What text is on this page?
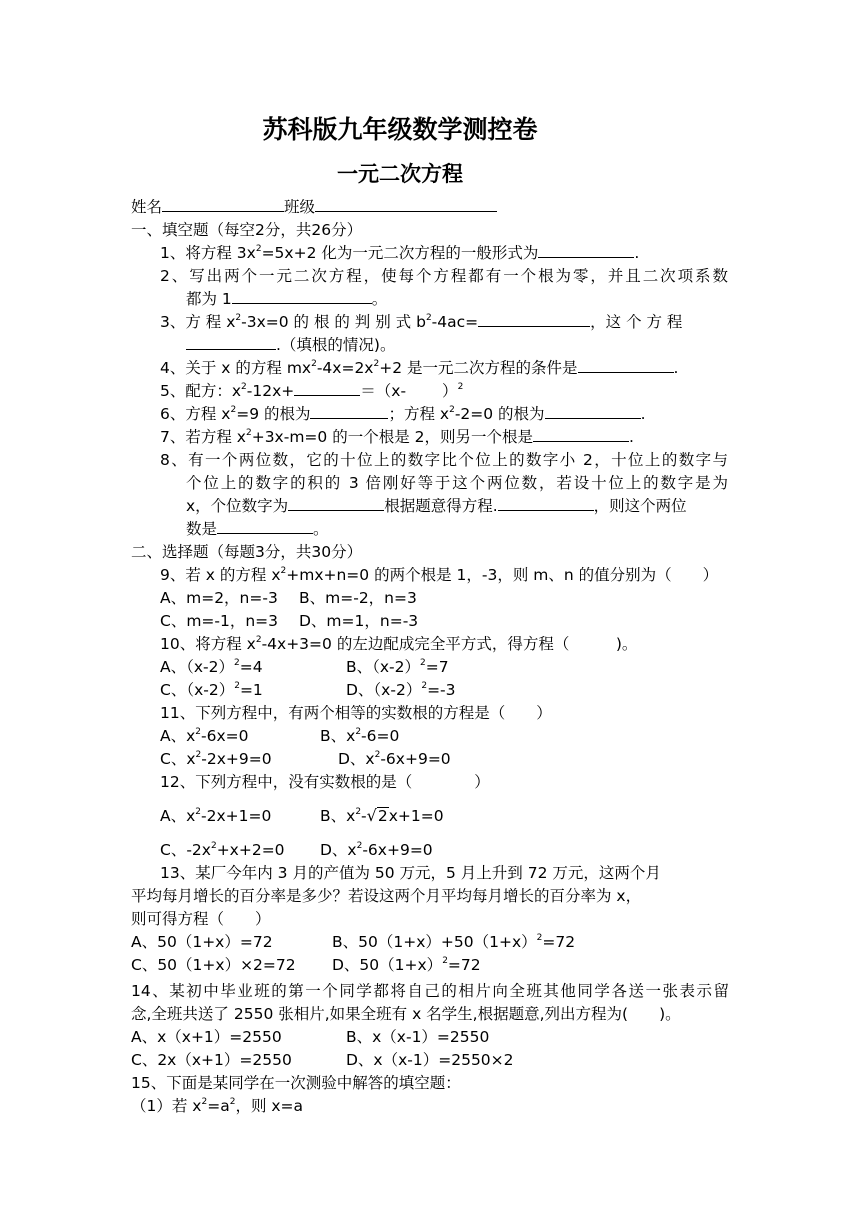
苏科版九年级数学测控卷
一元二次方程
姓名	班级
一、填空题（每空2分，共26分）
1、将方程 $3x^2=5x+2$ 化为一元二次方程的一般形式为	.
2、写出两个一元二次方程，使每个方程都有一个根为零，并且二次项系数
都为 1	。
3、方 程 $x^2-3x=0$ 的 根 的 判 别 式 $b^2-4ac=$	，这 个 方 程
.（填根的情况)。
4、关于 x 的方程 $mx^2-4x=2x^2+2$ 是一元二次方程的条件是	.
5、配方：$x^2-12x+$	＝（x- ）$^2$
6、方程 $x^2=9$ 的根为	；方程 $x^2-2=0$ 的根为	.
7、若方程 $x^2+3x-m=0$ 的一个根是 2，则另一个根是	.
8、有一个两位数，它的十位上的数字比个位上的数字小 2，十位上的数字与
个位上的数字的积的 3 倍刚好等于这个两位数，若设十位上的数字是为
x，个位数字为	根据题意得方程.	，则这个两位
数是	。
二、选择题（每题3分，共30分）
9、若 x 的方程 $x^2+mx+n=0$ 的两个根是 1，-3，则 m、n 的值分别为（　　）
A、m=2，n=-3 B、m=-2，n=3
C、m=-1，n=3 D、m=1，n=-3
10、将方程 $x^2-4x+3=0$ 的左边配成完全平方式，得方程（　　　)。
A、$(x-2)^2=4$	B、$(x-2)^2=7$
C、$(x-2)^2=1$	D、$(x-2)^2=-3$
11、下列方程中，有两个相等的实数根的方程是（　　）
A、$x^2-6x=0$	B、$x^2-6=0$
C、$x^2-2x+9=0$	D、$x^2-6x+9=0$
12、下列方程中，没有实数根的是（　　　　）
A、$x^2-2x+1=0$	B、$x^2-√2x+1=0$
C、$-2x^2+x+2=0$ D、$x^2-6x+9=0$
13、某厂今年内 3 月的产值为 50 万元，5 月上升到 72 万元，这两个月
平均每月增长的百分率是多少？若设这两个月平均每月增长的百分率为 x，
则可得方程（　　）
A、50（1+x）=72	B、$50(1+x)+50(1+x)^2=72$
C、50（1+x）×2=72 D、$50(1+x)^2=72$
14、某初中毕业班的第一个同学都将自己的相片向全班其他同学各送一张表示留
念,全班共送了 2550 张相片,如果全班有 x 名学生,根据题意,列出方程为(　　)。
A、x（x+1）=2550	B、x（x-1）=2550
C、2x（x+1）=2550	D、x（x-1）=2550×2
15、下面是某同学在一次测验中解答的填空题：
（1）若 $x^2=a^2$，则 x=a
